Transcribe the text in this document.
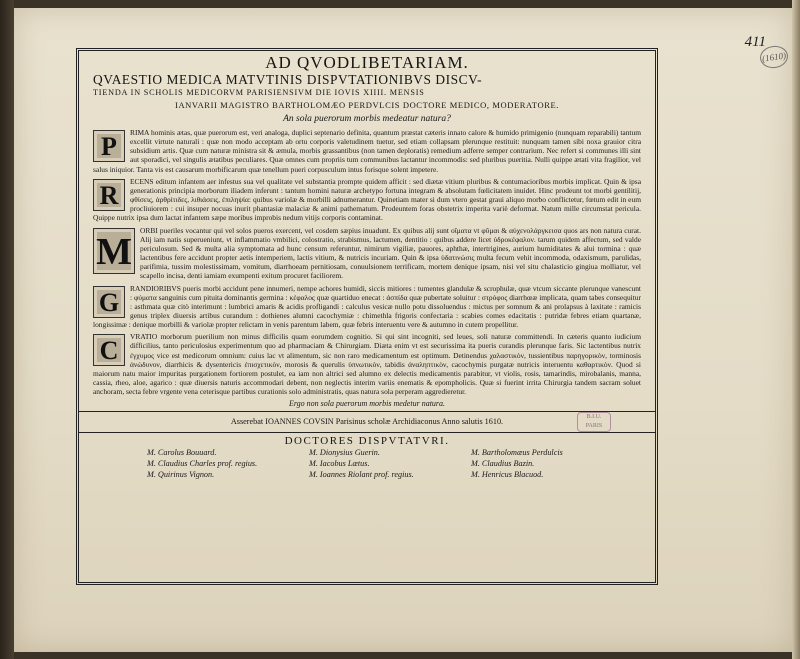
411
(1610)
AD QVODLIBETARIAM.
QVAESTIO MEDICA MATVTINIS DISPVTATIONIBVS DISCV-
TIENDA IN SCHOLIS MEDICORVM PARISIENSIVM DIE IOVIS XIIII. MENSIS
IANVARII MAGISTRO BARTHOLOMÆO PERDVLCIS DOCTORE MEDICO, MODERATORE.
An sola puerorum morbis medeatur natura?
P	RIMA hominis ætas, quæ puerorum est, veri analoga, duplici septenario definita, quantum præstat cæteris innato calore & humido primigenio (nunquam reparabili) tantum excellit virtute naturali : quæ non modo acceptam ab ortu corporis valetudinem tuetur, sed etiam collapsam plerunque restituit: nunquam tamen sibi noxa grauior citra subsidium artis. Quæ cum naturæ ministra sit & æmula, morbis grassantibus (non tamen deploratis) remedium adferre semper contrarium. Nec refert si communes illi sint aut sporadici, vel singulis ætatibus peculiares. Quæ omnes cum propriis tum communibus lactantur incommodis: sed pluribus pueritia. Nulli quippe ætati vita fragilior, vel salus iniquior. Tanta vis est causarum morbificarum quæ tenellum pueri corpusculum intus forisque solent impetere.
R	ECENS editum infantem aer infestus sua vel qualitate vel substantia prompte quidem afficit : sed diætæ vitium pluribus & contumacioribus morbis implicat. Quin & ipsa generationis principia morborum iliadem inferunt : tantum homini naturæ archetypo fortuna integram & absolutam fœlicitatem inuidet. Hinc prodeunt tot morbi gentilitij, φθίσεις, ἀρθρίτιδες, λιθιάσεις, ἐπιληψία: quibus variolæ & morbilli adnumerantur. Quinetiam mater si dum vtero gestat graui aliquo morbo conflictetur, fœtum edit in eum procliuiorem : cui insuper nocuas inurit phantasiæ malaciæ & animi pathematum. Prodeuntem foras obstetrix imperita variè deformat. Natum mille circumstat pericula. Quippe nutrix ipsa dum lactat infantem sæpe moribus improbis nedum vitijs corporis contaminat.
M
ORBI pueriles vocantur qui vel solos pueros exercent, vel cosdem sæpius inuadunt. Ex quibus alij sunt οἴματα vt φῦμαι & αὐχενολάργκεισα quos ars non natura curat. Alij iam natis superueniunt, vt inflammatio vmbilici, colostratio, strabismus, lactumen, dentitio : quibus addere licet ὑδροκέφαλον. tarum quidem affectum, sed valde periculosum. Sed & multa alia symptomata ad hunc censum referuntur, nimirum vigiliæ, pauores, aphthæ, intertrigines, aurium humiditates & alui tormina : quæ lactentibus fere accidunt propter aetis intemperiem, lactis vitium, & nutricis incuriam. Quin & ipsa ὑδατινώσις multa fecum vehit incommoda, odaxismum, parulidas, parifimia, tussim molestissimam, vomitum, diarrhoeam pernitiosam, conuulsionem terrificam, mortem denique ipsam, nisi vel situ chalasticio gingiua molliatur, vel scapello incisa, denti iamiam exumpenti exitum procuret faciliorem.
G	RANDIORIBVS pueris morbi accidunt pene innumeri, nempe achores humidi, siccis mitiores : tumentes glandulæ & scrophulæ, quæ vtcum siccante plerunque vanescunt : φύματα sanguinis cum pituita dominantis germina : κέφαλος quæ quartiduo enecat : ἀσπίδα quæ pubertate soluitur : στρόφος diarrhœæ implicata, quam tabes consequitur : asthmata quæ citò interimunt : lumbrici amaris & acidis profligandi : calculus vesicæ nullo potu dissoluendus : mictus per somnum & ani prolapsus à laxitate : ramicis genus triplex diuersis artibus curandum : dothienes alumni cacochymiæ : chimethla frigoris confectaria : scabies comes edacitatis : putridæ febres etiam quartanæ, longissimæ : denique morbilli & variolæ propter relictam in venis parentum labem, quæ febris interuentu vere & autumno in cutem propellitur.
C	VRATIO morborum puerilium non minus difficilis quam eorumdem cognitio. Si qui sint incogniti, sed leues, soli naturæ committendi. In cæteris quanto iudicium difficilius, tanto periculosius experimentum quo ad pharmaciam & Chirurgiam. Diæta enim vt est securissima ita pueris curandis plerunque faris. Sic lactentibus nutrix ἐγχυμος vice est medicorum omnium: cuius lac vt alimentum, sic non raro medicamentum est optimum. Detinendus χαλαστικὸν, tussientibus παρηγορικὸν, torminosis ἀνώδυνον, diarrhicis & dysentericis ἐπισχετικὸν, morosis & querulis ὑπνωτικὸν, tabidis ἀναληπτικὸν, cacochymis purgatæ nutricis interuentu καθαρτικὸν. Quod si maiorum natu maior impuritas purgationem fortiorem postulet, ea iam non altrici sed alumno ex delectis medicamentis parabitur, vt violis, rosis, tamarindis, mirobalanis, manna, cassia, rheo, aloe, agarico : quæ diuersis naturis accommodari debent, non neglectis interim variis enematis & epompholicis. Quæ si fuerint irrita Chirurgia tandem sacram soluet anchoram, secta febre vrgente vena ceterisque partibus curationis solo administratis, quas natura sola perperam aggredieretur.
Ergo non sola puerorum morbis medetur natura.
Asserebat IOANNES COVSIN Parisinus scholæ Archidiaconus Anno salutis 1610.	B.I.U. PARIS
DOCTORES DISPVTATVRI.
M. Carolus Bouuard.	M. Dionysius Guerin.	M. Bartholomæus Perdulcis
M. Claudius Charles prof. regius.	M. Iacobus Lætus.	M. Claudius Bazin.
M. Quirinus Vignon.	M. Ioannes Riolant prof. regius.	M. Henricus Blacuod.
